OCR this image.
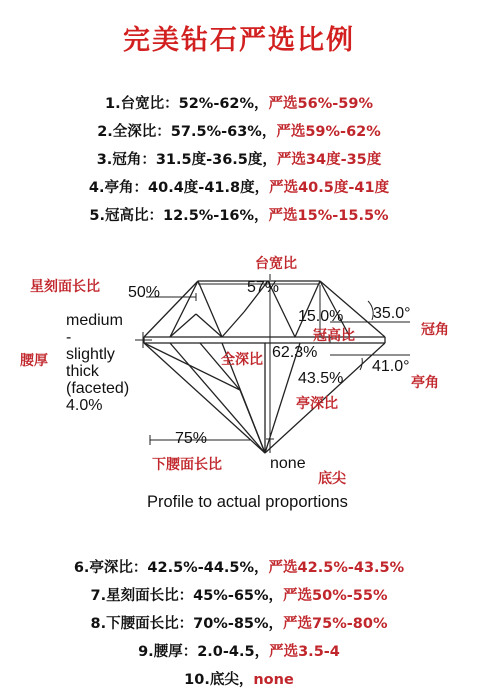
完美钻石严选比例
1.台宽比：52%-62%，严选56%-59%
2.全深比：57.5%-63%，严选59%-62%
3.冠角：31.5度-36.5度，严选34度-35度
4.亭角：40.4度-41.8度，严选40.5度-41度
5.冠高比：12.5%-16%，严选15%-15.5%
台宽比
星刻面长比
冠高比	冠角
腰厚	全深比
亭深比
亭角
下腰面长比
底尖
50%	57%
15.0% 35.0°
62.3%
43.5%
41.0°
75%
none
medium
-
slightly
thick
(faceted)
4.0%
Profile to actual proportions
6.亭深比：42.5%-44.5%，严选42.5%-43.5%
7.星刻面长比：45%-65%，严选50%-55%
8.下腰面长比：70%-85%，严选75%-80%
9.腰厚：2.0-4.5，严选3.5-4
10.底尖，none
